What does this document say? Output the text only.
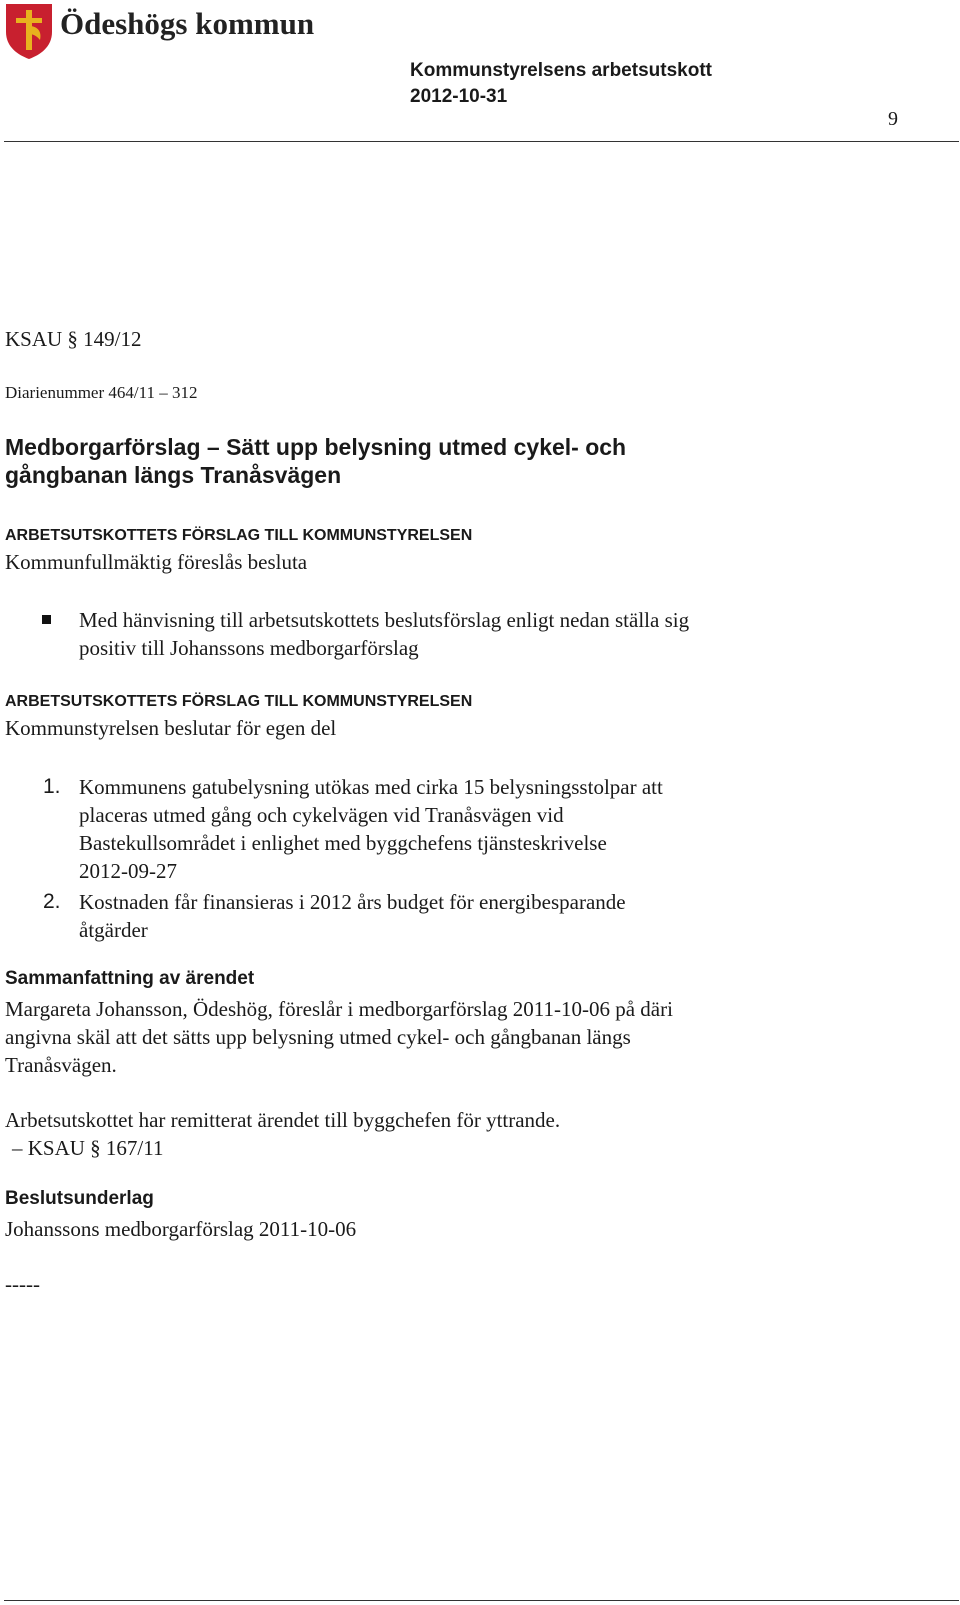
Ödeshögs kommun
Kommunstyrelsens arbetsutskott
2012-10-31
9
KSAU § 149/12
Diarienummer 464/11 – 312
Medborgarförslag – Sätt upp belysning utmed cykel- och
gångbanan längs Tranåsvägen
ARBETSUTSKOTTETS FÖRSLAG TILL KOMMUNSTYRELSEN
Kommunfullmäktig föreslås besluta
Med hänvisning till arbetsutskottets beslutsförslag enligt nedan ställa sig
positiv till Johanssons medborgarförslag
ARBETSUTSKOTTETS FÖRSLAG TILL KOMMUNSTYRELSEN
Kommunstyrelsen beslutar för egen del
1. Kommunens gatubelysning utökas med cirka 15 belysningsstolpar att
placeras utmed gång och cykelvägen vid Tranåsvägen vid
Bastekullsområdet i enlighet med byggchefens tjänsteskrivelse
2012-09-27
2. Kostnaden får finansieras i 2012 års budget för energibesparande
åtgärder
Sammanfattning av ärendet
Margareta Johansson, Ödeshög, föreslår i medborgarförslag 2011-10-06 på däri
angivna skäl att det sätts upp belysning utmed cykel- och gångbanan längs
Tranåsvägen.
Arbetsutskottet har remitterat ärendet till byggchefen för yttrande.
– KSAU § 167/11
Beslutsunderlag
Johanssons medborgarförslag 2011-10-06
-----
